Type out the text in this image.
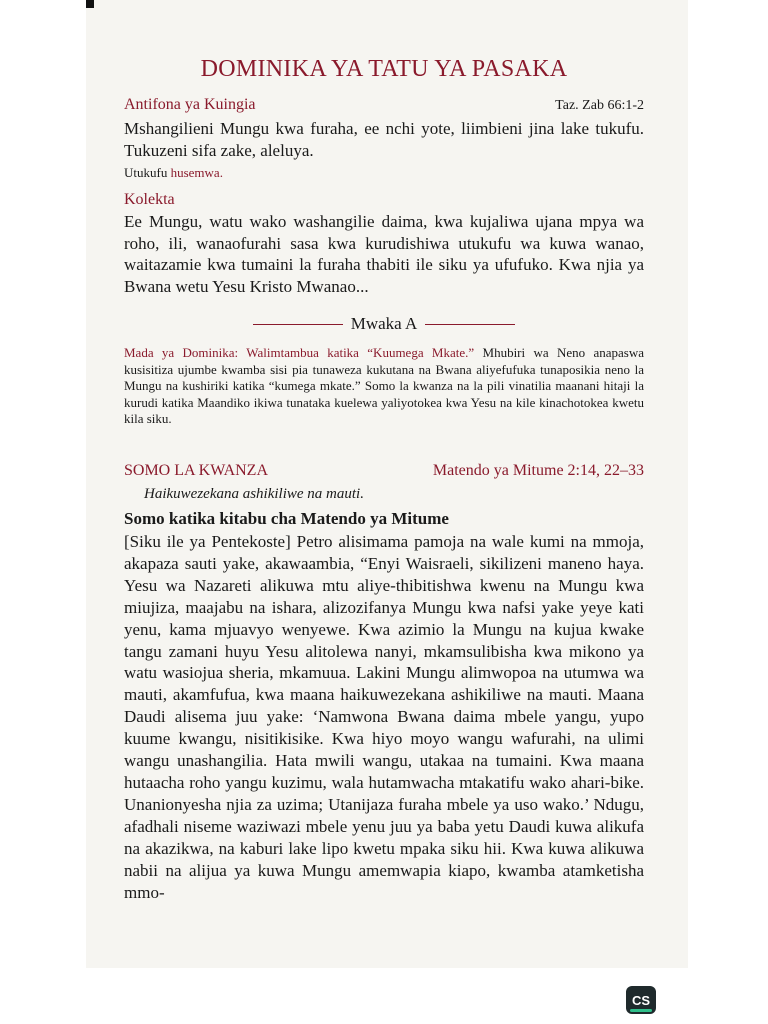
DOMINIKA YA TATU YA PASAKA
Antifona ya Kuingia	Taz. Zab 66:1-2

Mshangilieni Mungu kwa furaha, ee nchi yote, liimbieni jina lake tukufu. Tukuzeni sifa zake, aleluya.

Utukufu husemwa.
Kolekta

Ee Mungu, watu wako washangilie daima, kwa kujaliwa ujana mpya wa roho, ili, wanaofurahi sasa kwa kurudishiwa utukufu wa kuwa wanao, waitazamie kwa tumaini la furaha thabiti ile siku ya ufufuko. Kwa njia ya Bwana wetu Yesu Kristo Mwanao...

Mwaka A

Mada ya Dominika: Walimtambua katika “Kuumega Mkate.” Mhubiri wa Neno anapaswa kusisitiza ujumbe kwamba sisi pia tunaweza kukutana na Bwana aliyefufuka tunaposikia neno la Mungu na kushiriki katika “kumega mkate.” Somo la kwanza na la pili vinatilia maanani hitaji la kurudi katika Maandiko ikiwa tunataka kuelewa yaliyotokea kwa Yesu na kile kinachotokea kwetu kila siku.

SOMO LA KWANZA	Matendo ya Mitume 2:14, 22–33
Haikuwezekana ashikiliwe na mauti.
Somo katika kitabu cha Matendo ya Mitume

[Siku ile ya Pentekoste] Petro alisimama pamoja na wale kumi na mmoja, akapaza sauti yake, akawaambia, “Enyi Waisraeli, sikilizeni maneno haya. Yesu wa Nazareti alikuwa mtu aliye-thibitishwa kwenu na Mungu kwa miujiza, maajabu na ishara, alizozifanya Mungu kwa nafsi yake yeye kati yenu, kama mjuavyo wenyewe. Kwa azimio la Mungu na kujua kwake tangu zamani huyu Yesu alitolewa nanyi, mkamsulibisha kwa mikono ya watu wasiojua sheria, mkamuua. Lakini Mungu alimwopoa na utumwa wa mauti, akamfufua, kwa maana haikuwezekana ashikiliwe na mauti. Maana Daudi alisema juu yake: ‘Namwona Bwana daima mbele yangu, yupo kuume kwangu, nisitikisike. Kwa hiyo moyo wangu wafurahi, na ulimi wangu unashangilia. Hata mwili wangu, utakaa na tumaini. Kwa maana hutaacha roho yangu kuzimu, wala hutamwacha mtakatifu wako ahari-bike. Unanionyesha njia za uzima; Utanijaza furaha mbele ya uso wako.’ Ndugu, afadhali niseme waziwazi mbele yenu juu ya baba yetu Daudi kuwa alikufa na akazikwa, na kaburi lake lipo kwetu mpaka siku hii. Kwa kuwa alikuwa nabii na alijua ya kuwa Mungu amemwapia kiapo, kwamba atamketisha mmo-

CS
